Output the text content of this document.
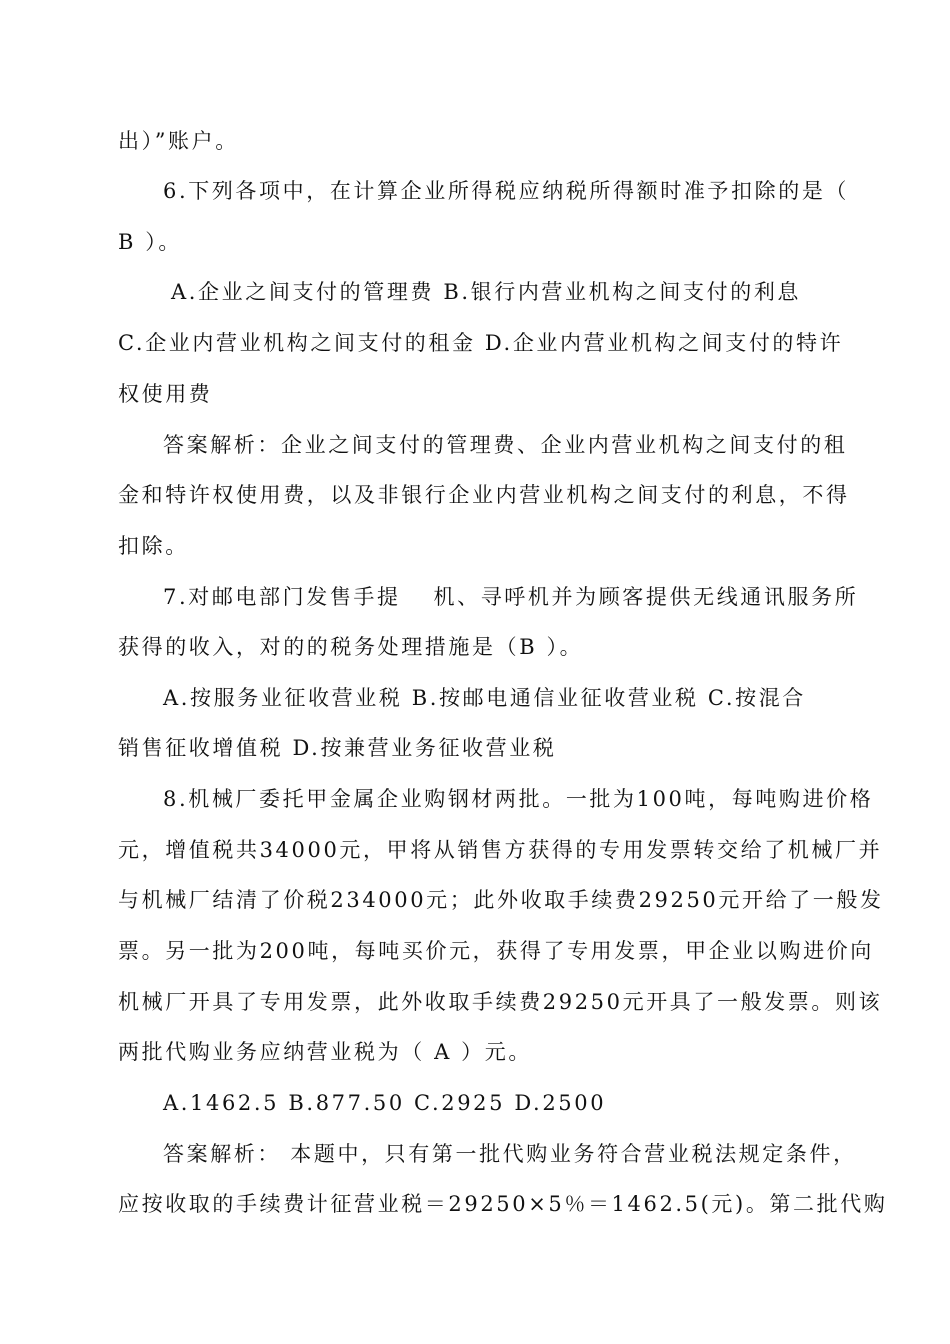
出）”账户。
6.下列各项中，在计算企业所得税应纳税所得额时准予扣除的是（
B ）。
A.企业之间支付的管理费 B.银行内营业机构之间支付的利息
C.企业内营业机构之间支付的租金 D.企业内营业机构之间支付的特许
权使用费
答案解析：企业之间支付的管理费、企业内营业机构之间支付的租
金和特许权使用费，以及非银行企业内营业机构之间支付的利息，不得
扣除。
7.对邮电部门发售手提　 机、寻呼机并为顾客提供无线通讯服务所
获得的收入，对的的税务处理措施是（B ）。
A.按服务业征收营业税 B.按邮电通信业征收营业税 C.按混合
销售征收增值税 D.按兼营业务征收营业税
8.机械厂委托甲金属企业购钢材两批。一批为100吨，每吨购进价格
元，增值税共34000元，甲将从销售方获得的专用发票转交给了机械厂并
与机械厂结清了价税234000元；此外收取手续费29250元开给了一般发
票。另一批为200吨，每吨买价元，获得了专用发票，甲企业以购进价向
机械厂开具了专用发票，此外收取手续费29250元开具了一般发票。则该
两批代购业务应纳营业税为（ A ）元。
A.1462.5 B.877.50 C.2925 D.2500
答案解析： 本题中，只有第一批代购业务符合营业税法规定条件，
应按收取的手续费计征营业税＝29250×5％＝1462.5(元)。第二批代购
